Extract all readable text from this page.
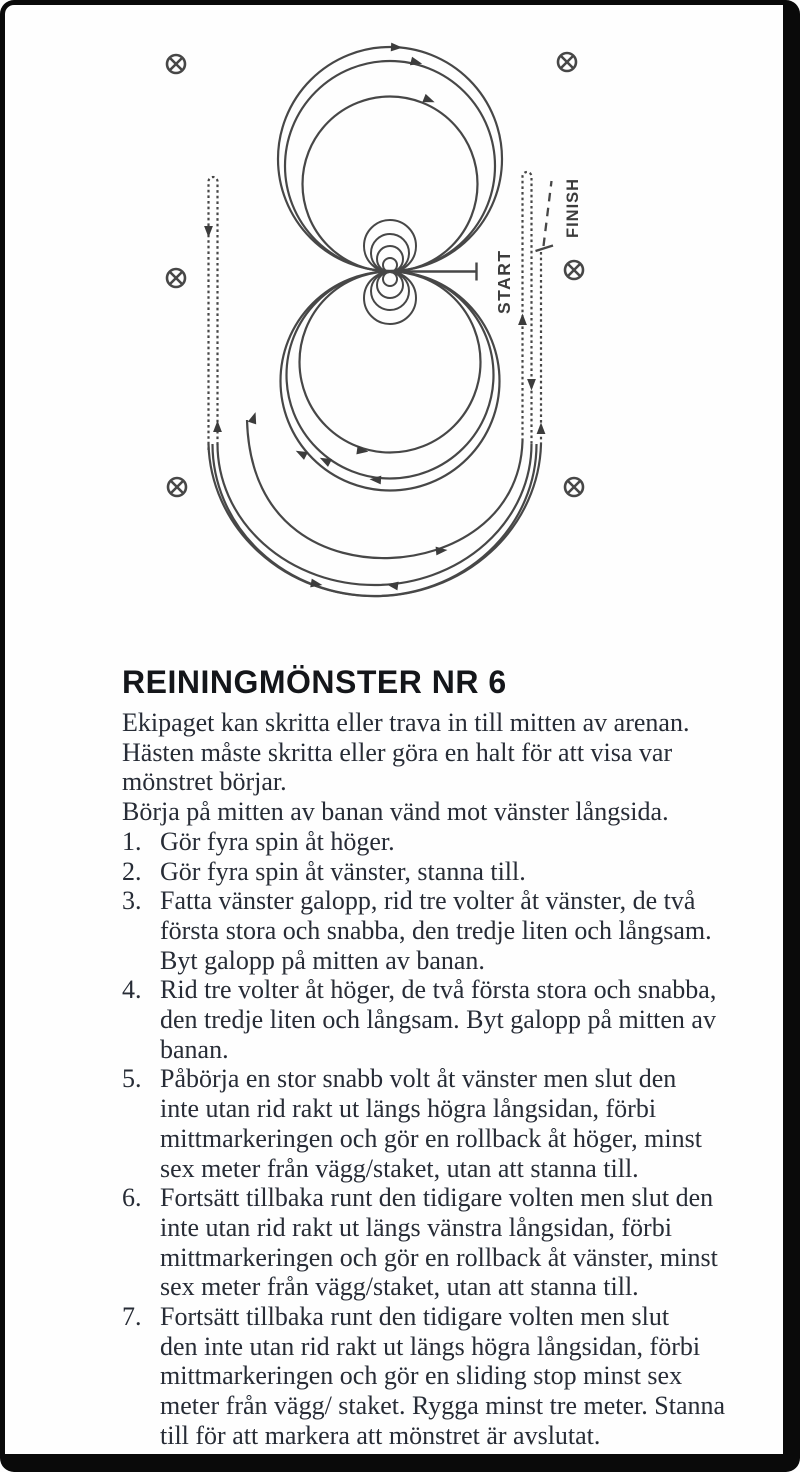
START
FINISH
REININGMÖNSTER NR 6
Ekipaget kan skritta eller trava in till mitten av arenan.
Hästen måste skritta eller göra en halt för att visa var
mönstret börjar.
Börja på mitten av banan vänd mot vänster långsida.
1. Gör fyra spin åt höger.
2. Gör fyra spin åt vänster, stanna till.
3. Fatta vänster galopp, rid tre volter åt vänster, de två
första stora och snabba, den tredje liten och långsam.
Byt galopp på mitten av banan.
4. Rid tre volter åt höger, de två första stora och snabba,
den tredje liten och långsam. Byt galopp på mitten av
banan.
5. Påbörja en stor snabb volt åt vänster men slut den
inte utan rid rakt ut längs högra långsidan, förbi
mittmarkeringen och gör en rollback åt höger, minst
sex meter från vägg/staket, utan att stanna till.
6. Fortsätt tillbaka runt den tidigare volten men slut den
inte utan rid rakt ut längs vänstra långsidan, förbi
mittmarkeringen och gör en rollback åt vänster, minst
sex meter från vägg/staket, utan att stanna till.
7. Fortsätt tillbaka runt den tidigare volten men slut
den inte utan rid rakt ut längs högra långsidan, förbi
mittmarkeringen och gör en sliding stop minst sex
meter från vägg/ staket. Rygga minst tre meter. Stanna
till för att markera att mönstret är avslutat.
